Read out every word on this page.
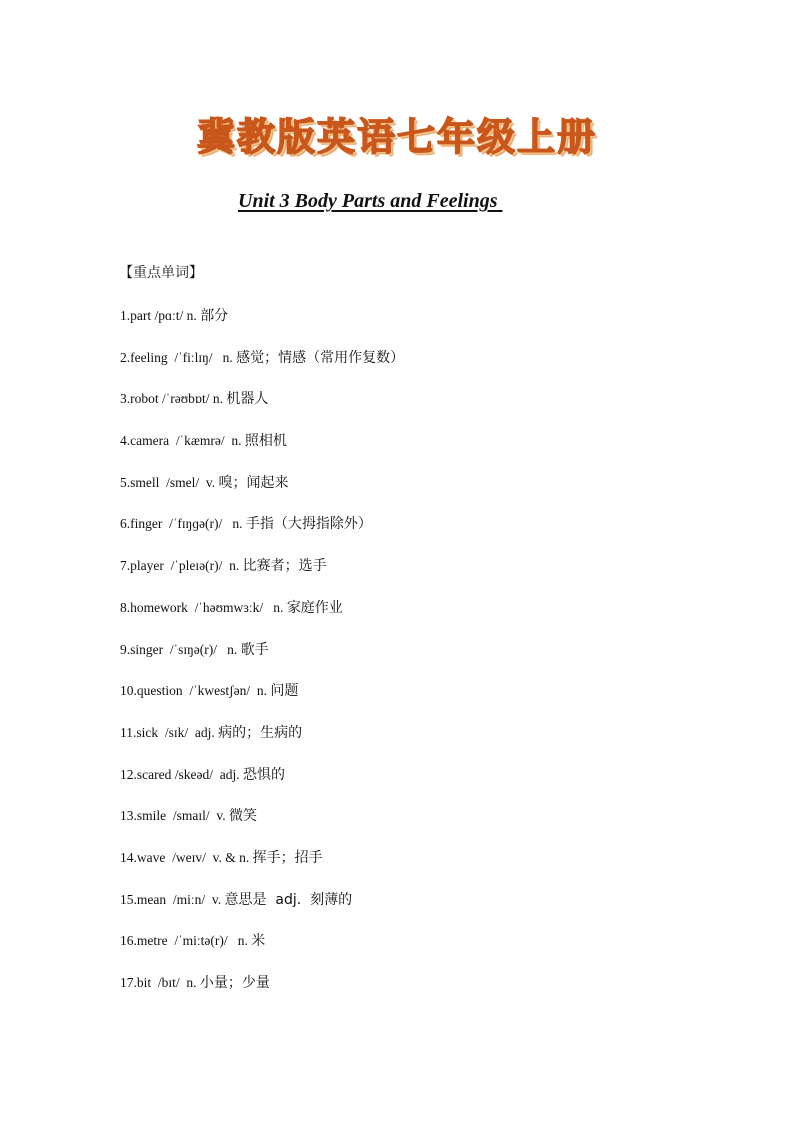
冀教版英语七年级上册
Unit 3 Body Parts and Feelings
【重点单词】
1.part /pɑːt/ n. 部分
2.feeling  /ˈfiːlɪŋ/   n. 感觉；情感（常用作复数）
3.robot /ˈrəʊbɒt/ n. 机器人
4.camera  /ˈkæmrə/  n. 照相机
5.smell  /smel/  v. 嗅；闻起来
6.finger  /ˈfɪŋɡə(r)/   n. 手指（大拇指除外）
7.player  /ˈpleɪə(r)/  n. 比赛者；选手
8.homework  /ˈhəʊmwɜːk/   n. 家庭作业
9.singer  /ˈsɪŋə(r)/   n. 歌手
10.question  /ˈkwestʃən/  n. 问题
11.sick  /sɪk/  adj. 病的；生病的
12.scared /skeəd/  adj. 恐惧的
13.smile  /smaɪl/  v. 微笑
14.wave  /weɪv/  v. & n. 挥手；招手
15.mean  /miːn/  v. 意思是  adj.  刻薄的
16.metre  /ˈmiːtə(r)/   n. 米
17.bit  /bɪt/  n. 小量；少量
